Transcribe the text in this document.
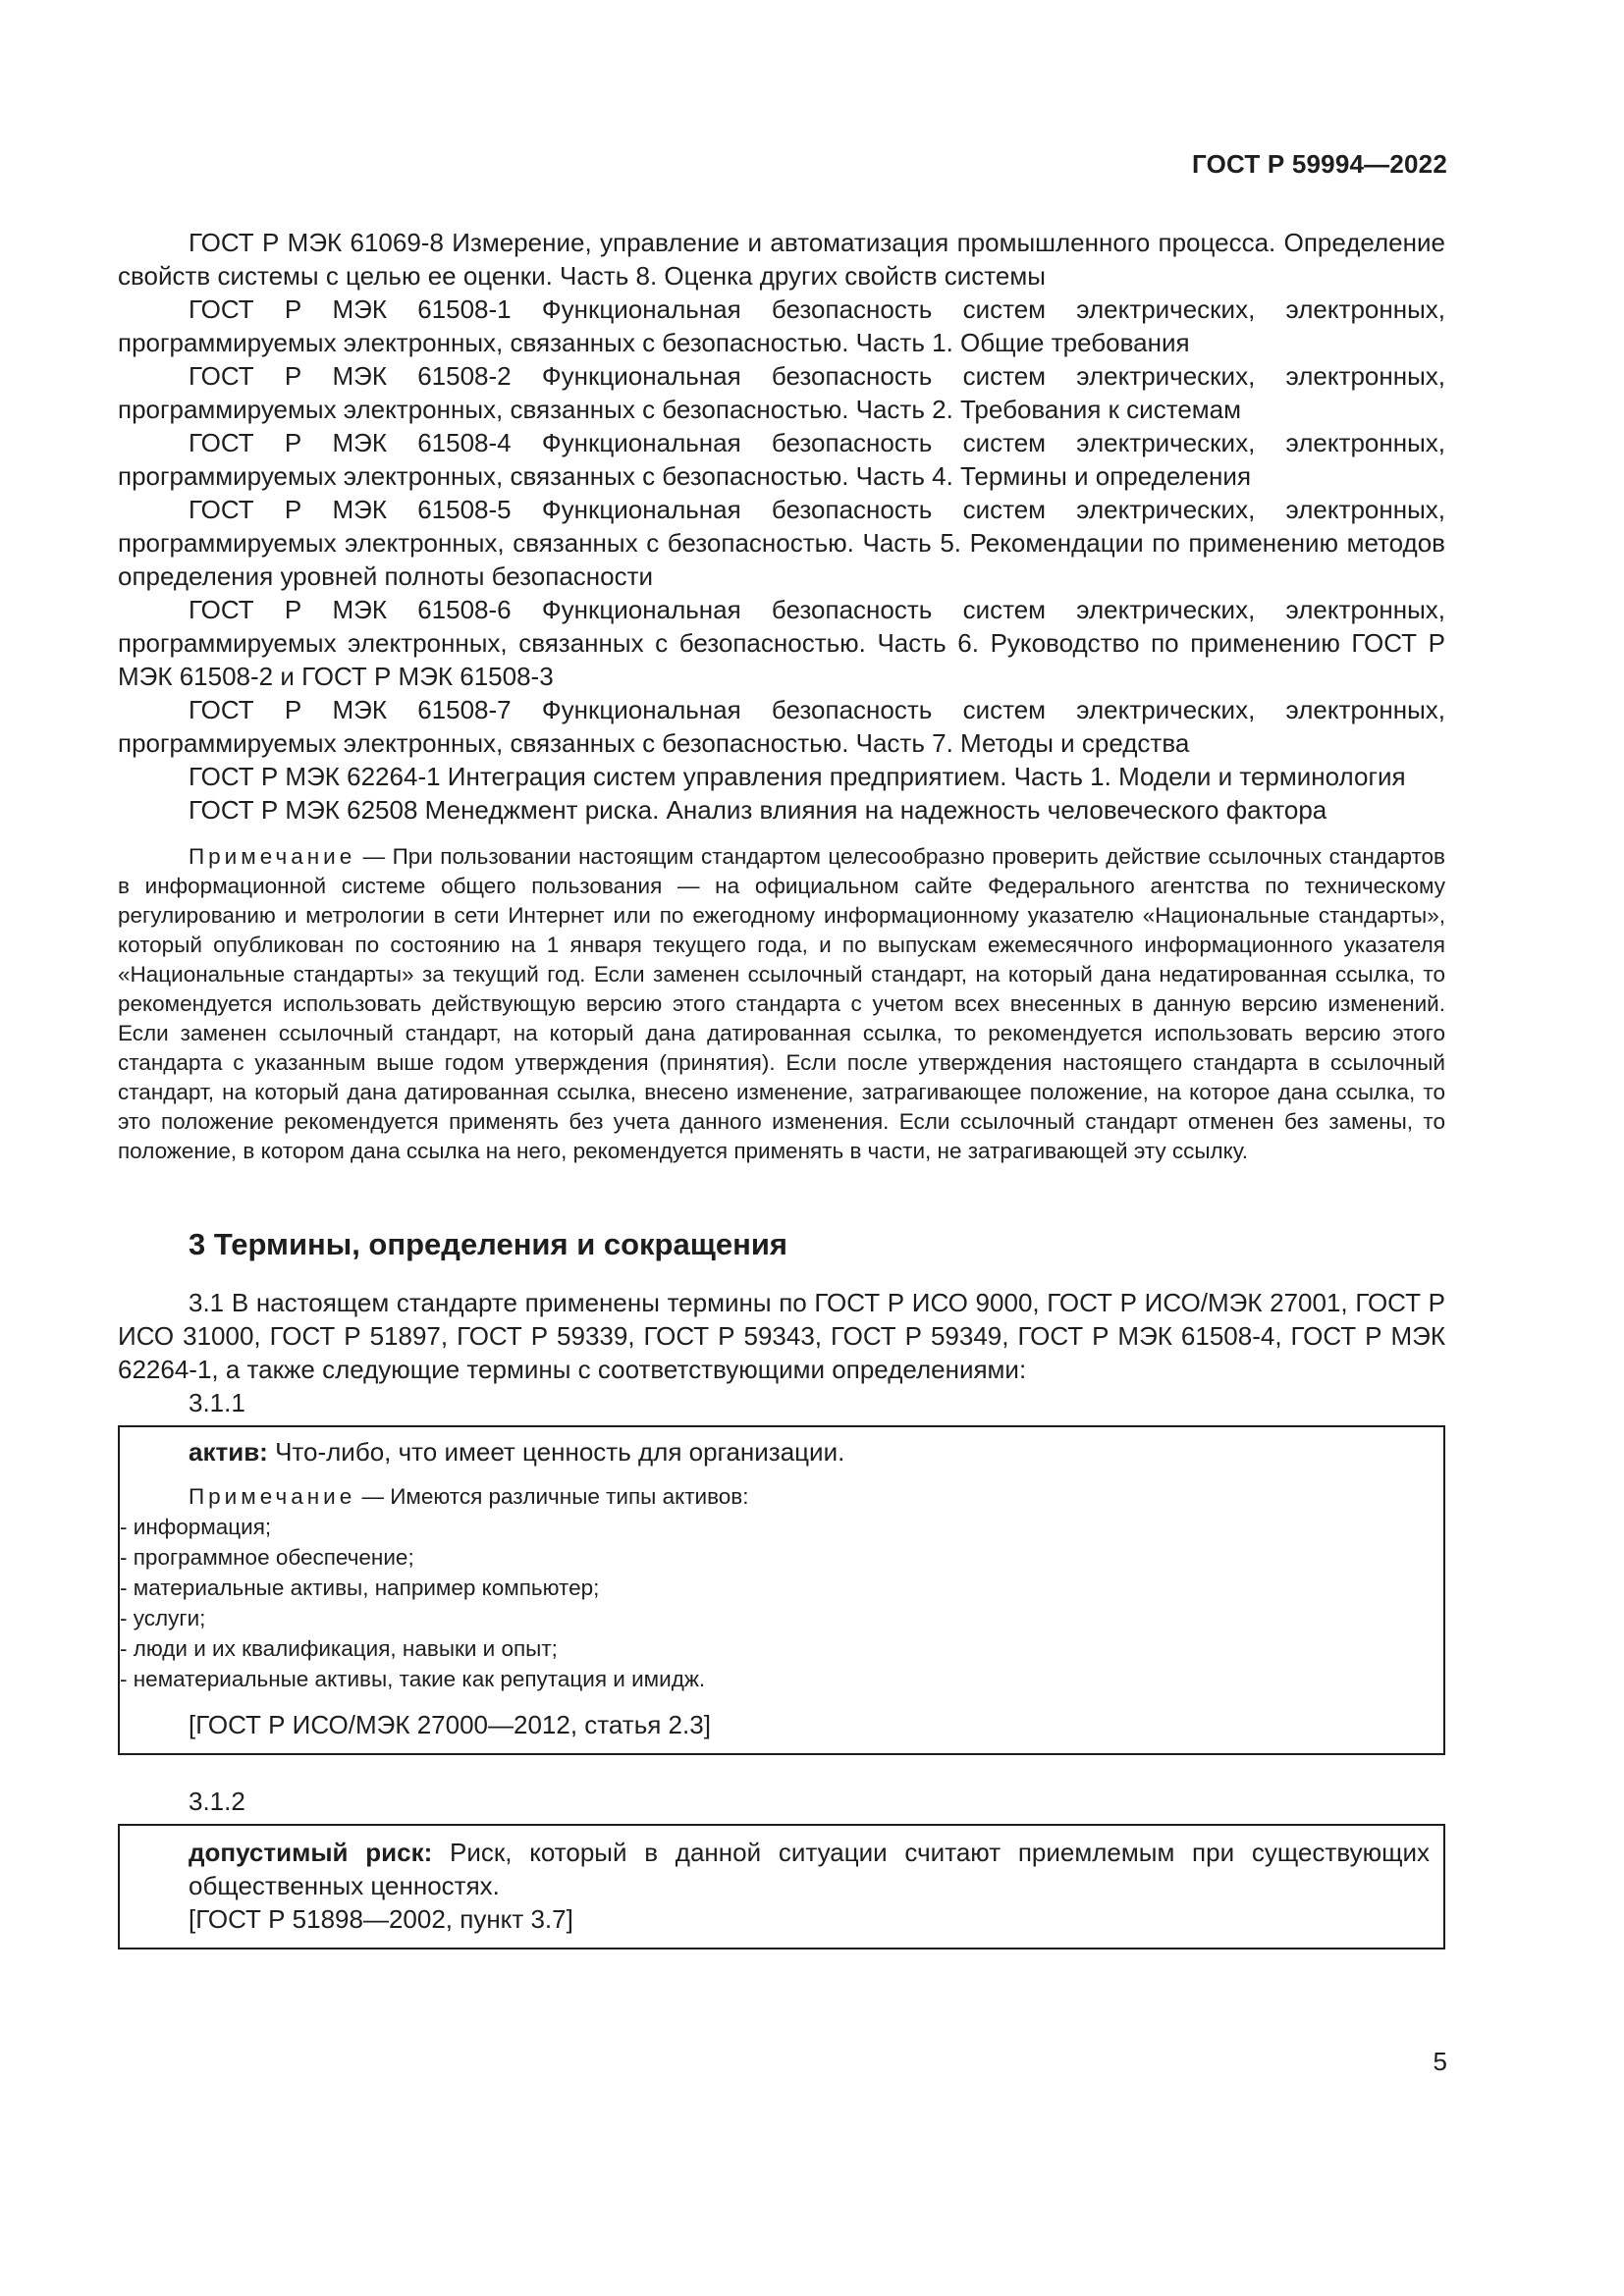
ГОСТ Р 59994—2022

ГОСТ Р МЭК 61069-8 Измерение, управление и автоматизация промышленного процесса. Определение свойств системы с целью ее оценки. Часть 8. Оценка других свойств системы

ГОСТ Р МЭК 61508-1 Функциональная безопасность систем электрических, электронных, программируемых электронных, связанных с безопасностью. Часть 1. Общие требования

ГОСТ Р МЭК 61508-2 Функциональная безопасность систем электрических, электронных, программируемых электронных, связанных с безопасностью. Часть 2. Требования к системам

ГОСТ Р МЭК 61508-4 Функциональная безопасность систем электрических, электронных, программируемых электронных, связанных с безопасностью. Часть 4. Термины и определения

ГОСТ Р МЭК 61508-5 Функциональная безопасность систем электрических, электронных, программируемых электронных, связанных с безопасностью. Часть 5. Рекомендации по применению методов определения уровней полноты безопасности

ГОСТ Р МЭК 61508-6 Функциональная безопасность систем электрических, электронных, программируемых электронных, связанных с безопасностью. Часть 6. Руководство по применению ГОСТ Р МЭК 61508-2 и ГОСТ Р МЭК 61508-3

ГОСТ Р МЭК 61508-7 Функциональная безопасность систем электрических, электронных, программируемых электронных, связанных с безопасностью. Часть 7. Методы и средства

ГОСТ Р МЭК 62264-1 Интеграция систем управления предприятием. Часть 1. Модели и терминология

ГОСТ Р МЭК 62508 Менеджмент риска. Анализ влияния на надежность человеческого фактора

Примечание — При пользовании настоящим стандартом целесообразно проверить действие ссылочных стандартов в информационной системе общего пользования — на официальном сайте Федерального агентства по техническому регулированию и метрологии в сети Интернет или по ежегодному информационному указателю «Национальные стандарты», который опубликован по состоянию на 1 января текущего года, и по выпускам ежемесячного информационного указателя «Национальные стандарты» за текущий год. Если заменен ссылочный стандарт, на который дана недатированная ссылка, то рекомендуется использовать действующую версию этого стандарта с учетом всех внесенных в данную версию изменений. Если заменен ссылочный стандарт, на который дана датированная ссылка, то рекомендуется использовать версию этого стандарта с указанным выше годом утверждения (принятия). Если после утверждения настоящего стандарта в ссылочный стандарт, на который дана датированная ссылка, внесено изменение, затрагивающее положение, на которое дана ссылка, то это положение рекомендуется применять без учета данного изменения. Если ссылочный стандарт отменен без замены, то положение, в котором дана ссылка на него, рекомендуется применять в части, не затрагивающей эту ссылку.

3 Термины, определения и сокращения

3.1 В настоящем стандарте применены термины по ГОСТ Р ИСО 9000, ГОСТ Р ИСО/МЭК 27001, ГОСТ Р ИСО 31000, ГОСТ Р 51897, ГОСТ Р 59339, ГОСТ Р 59343, ГОСТ Р 59349, ГОСТ Р МЭК 61508-4, ГОСТ Р МЭК 62264-1, а также следующие термины с соответствующими определениями:

3.1.1

актив: Что-либо, что имеет ценность для организации.

Примечание — Имеются различные типы активов:

- информация;
- программное обеспечение;
- материальные активы, например компьютер;
- услуги;
- люди и их квалификация, навыки и опыт;
- нематериальные активы, такие как репутация и имидж.

[ГОСТ Р ИСО/МЭК 27000—2012, статья 2.3]

3.1.2

допустимый риск: Риск, который в данной ситуации считают приемлемым при существующих общественных ценностях.

[ГОСТ Р 51898—2002, пункт 3.7]

5
